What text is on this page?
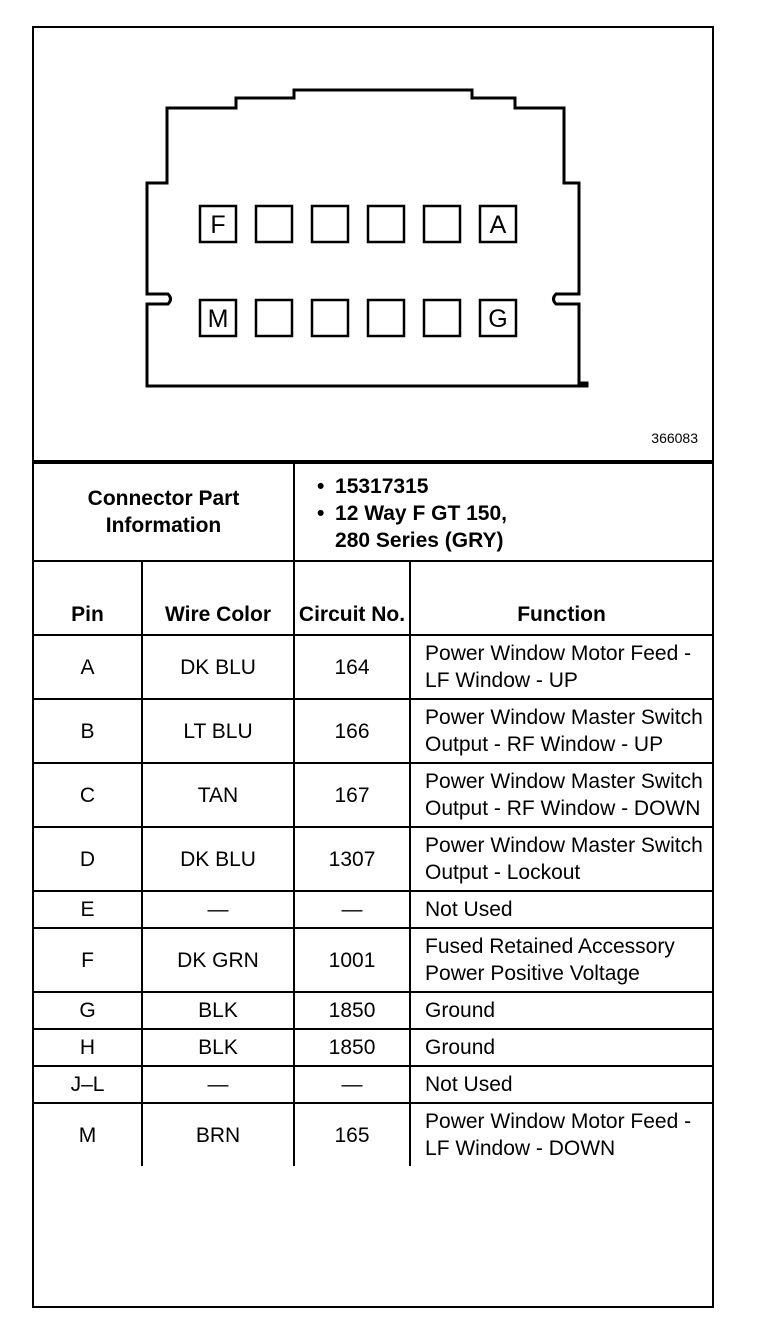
F	A
M	G
366083
Connector Part Information		• 15317315
• 12 Way F GT 150,
280 Series (GRY)	

Pin	Wire Color	Circuit No.	Function
A	DK BLU	164	Power Window Motor Feed - LF Window - UP
B	LT BLU	166	Power Window Master Switch Output - RF Window - UP
C	TAN	167	Power Window Master Switch Output - RF Window - DOWN
D	DK BLU	1307	Power Window Master Switch Output - Lockout
E	—	—	Not Used
F	DK GRN	1001	Fused Retained Accessory Power Positive Voltage
G	BLK	1850	Ground
H	BLK	1850	Ground
J–L	—	—	Not Used
M	BRN	165	Power Window Motor Feed - LF Window - DOWN
